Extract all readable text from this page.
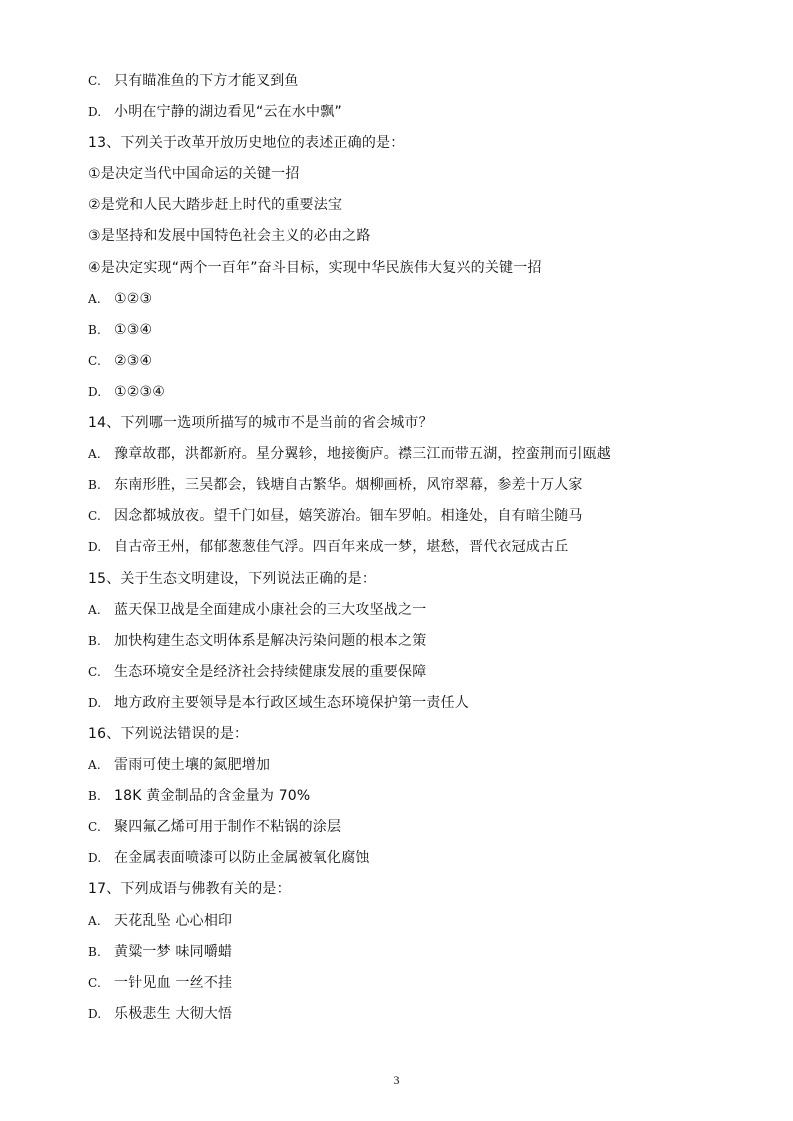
C. 只有瞄准鱼的下方才能叉到鱼
D. 小明在宁静的湖边看见“云在水中飘”
13、下列关于改革开放历史地位的表述正确的是：
①是决定当代中国命运的关键一招
②是党和人民大踏步赶上时代的重要法宝
③是坚持和发展中国特色社会主义的必由之路
④是决定实现“两个一百年”奋斗目标，实现中华民族伟大复兴的关键一招
A. ①②③
B. ①③④
C. ②③④
D. ①②③④
14、下列哪一选项所描写的城市不是当前的省会城市？
A. 豫章故郡，洪都新府。星分翼轸，地接衡庐。襟三江而带五湖，控蛮荆而引瓯越
B. 东南形胜，三吴都会，钱塘自古繁华。烟柳画桥，风帘翠幕，参差十万人家
C. 因念都城放夜。望千门如昼，嬉笑游冶。钿车罗帕。相逢处，自有暗尘随马
D. 自古帝王州，郁郁葱葱佳气浮。四百年来成一梦，堪愁，晋代衣冠成古丘
15、关于生态文明建设，下列说法正确的是：
A. 蓝天保卫战是全面建成小康社会的三大攻坚战之一
B. 加快构建生态文明体系是解决污染问题的根本之策
C. 生态环境安全是经济社会持续健康发展的重要保障
D. 地方政府主要领导是本行政区域生态环境保护第一责任人
16、下列说法错误的是：
A. 雷雨可使土壤的氮肥增加
B. 18K 黄金制品的含金量为 70%
C. 聚四氟乙烯可用于制作不粘锅的涂层
D. 在金属表面喷漆可以防止金属被氧化腐蚀
17、下列成语与佛教有关的是：
A. 天花乱坠 心心相印
B. 黄粱一梦 味同嚼蜡
C. 一针见血 一丝不挂
D. 乐极悲生 大彻大悟
3
